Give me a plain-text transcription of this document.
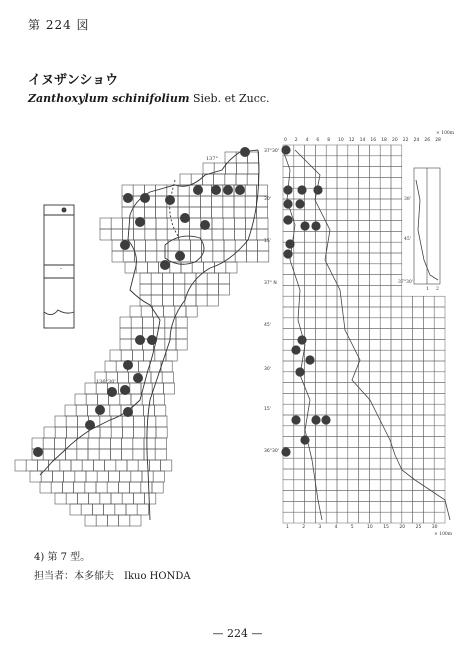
第 224 図
イヌザンショウ
Zanthoxylum schinifolium Sieb. et Zucc.
ᵔ
137°
136°30'
0 2 4 6 8 10 12 14 16 18 20 22 24 26 28
1	2	3	4	5	10 15 20 25 30
37°30'
30'
15'
37° N
45'
30'
15'
36°30'
38'
45'
37°30'
1 2
× 100m
× 100m
4) 第 7 型。
担当者：本多郁夫　Ikuo HONDA
— 224 —
